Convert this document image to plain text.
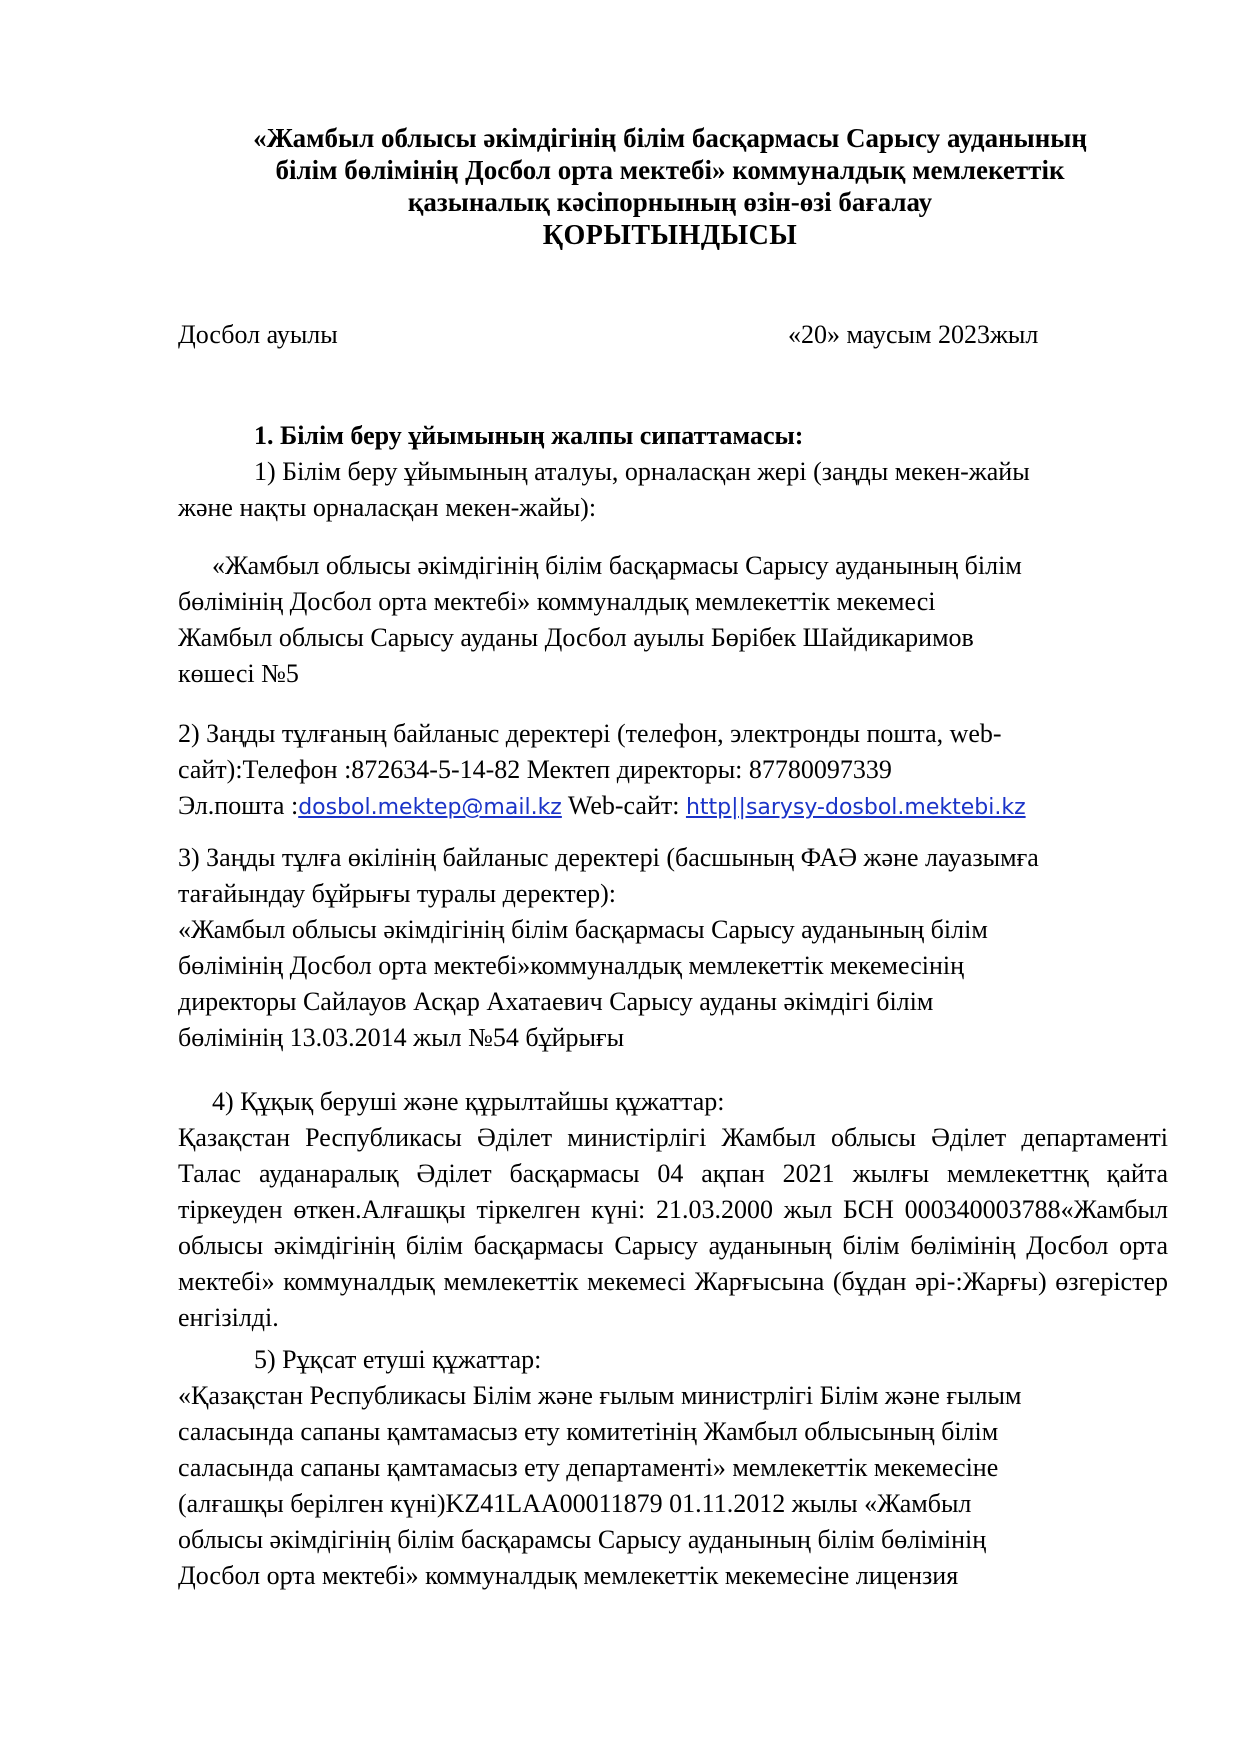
«Жамбыл облысы әкімдігінің білім басқармасы Сарысу ауданының
білім бөлімінің Досбол орта мектебі» коммуналдық мемлекеттік
қазыналық кәсіпорнының өзін-өзі бағалау
ҚОРЫТЫНДЫСЫ
Досбол ауылы	«20» маусым 2023жыл
1. Білім беру ұйымының жалпы сипаттамасы:
1) Білім беру ұйымының аталуы, орналасқан жері (заңды мекен-жайы
және нақты орналасқан мекен-жайы):
«Жамбыл облысы әкімдігінің білім басқармасы Сарысу ауданының білім
бөлімінің Досбол орта мектебі» коммуналдық мемлекеттік мекемесі
Жамбыл облысы Сарысу ауданы Досбол ауылы Бөрібек Шайдикаримов
көшесі №5
2) Заңды тұлғаның байланыс деректері (телефон, электронды пошта, web-
сайт):Телефон :872634-5-14-82 Мектеп директоры: 87780097339
Эл.пошта :dosbol.mektep@mail.kz Web-сайт: http||sarysy-dosbol.mektebi.kz
3) Заңды тұлға өкілінің байланыс деректері (басшының ФАӘ және лауазымға
тағайындау бұйрығы туралы деректер):
«Жамбыл облысы әкімдігінің білім басқармасы Сарысу ауданының білім
бөлімінің Досбол орта мектебі»коммуналдық мемлекеттік мекемесінің
директоры Сайлауов Асқар Ахатаевич Сарысу ауданы әкімдігі білім
бөлімінің 13.03.2014 жыл №54 бұйрығы
4) Құқық беруші және құрылтайшы құжаттар:
Қазақстан Республикасы Әділет министірлігі Жамбыл облысы Әділет департаменті Талас ауданаралық Әділет басқармасы 04 ақпан 2021 жылғы мемлекеттнқ қайта тіркеуден өткен.Алғашқы тіркелген күні: 21.03.2000 жыл БСН 000340003788«Жамбыл облысы әкімдігінің білім басқармасы Сарысу ауданының білім бөлімінің Досбол орта мектебі» коммуналдық мемлекеттік мекемесі Жарғысына (бұдан әрі-:Жарғы) өзгерістер енгізілді.
5) Рұқсат етуші құжаттар:
«Қазақстан Республикасы Білім және ғылым министрлігі Білім және ғылым
саласында сапаны қамтамасыз ету комитетінің Жамбыл облысының білім
саласында сапаны қамтамасыз ету департаменті» мемлекеттік мекемесіне
(алғашқы берілген күні)KZ41LAA00011879 01.11.2012 жылы «Жамбыл
облысы әкімдігінің білім басқарамсы Сарысу ауданының білім бөлімінің
Досбол орта мектебі» коммуналдық мемлекеттік мекемесіне лицензия
